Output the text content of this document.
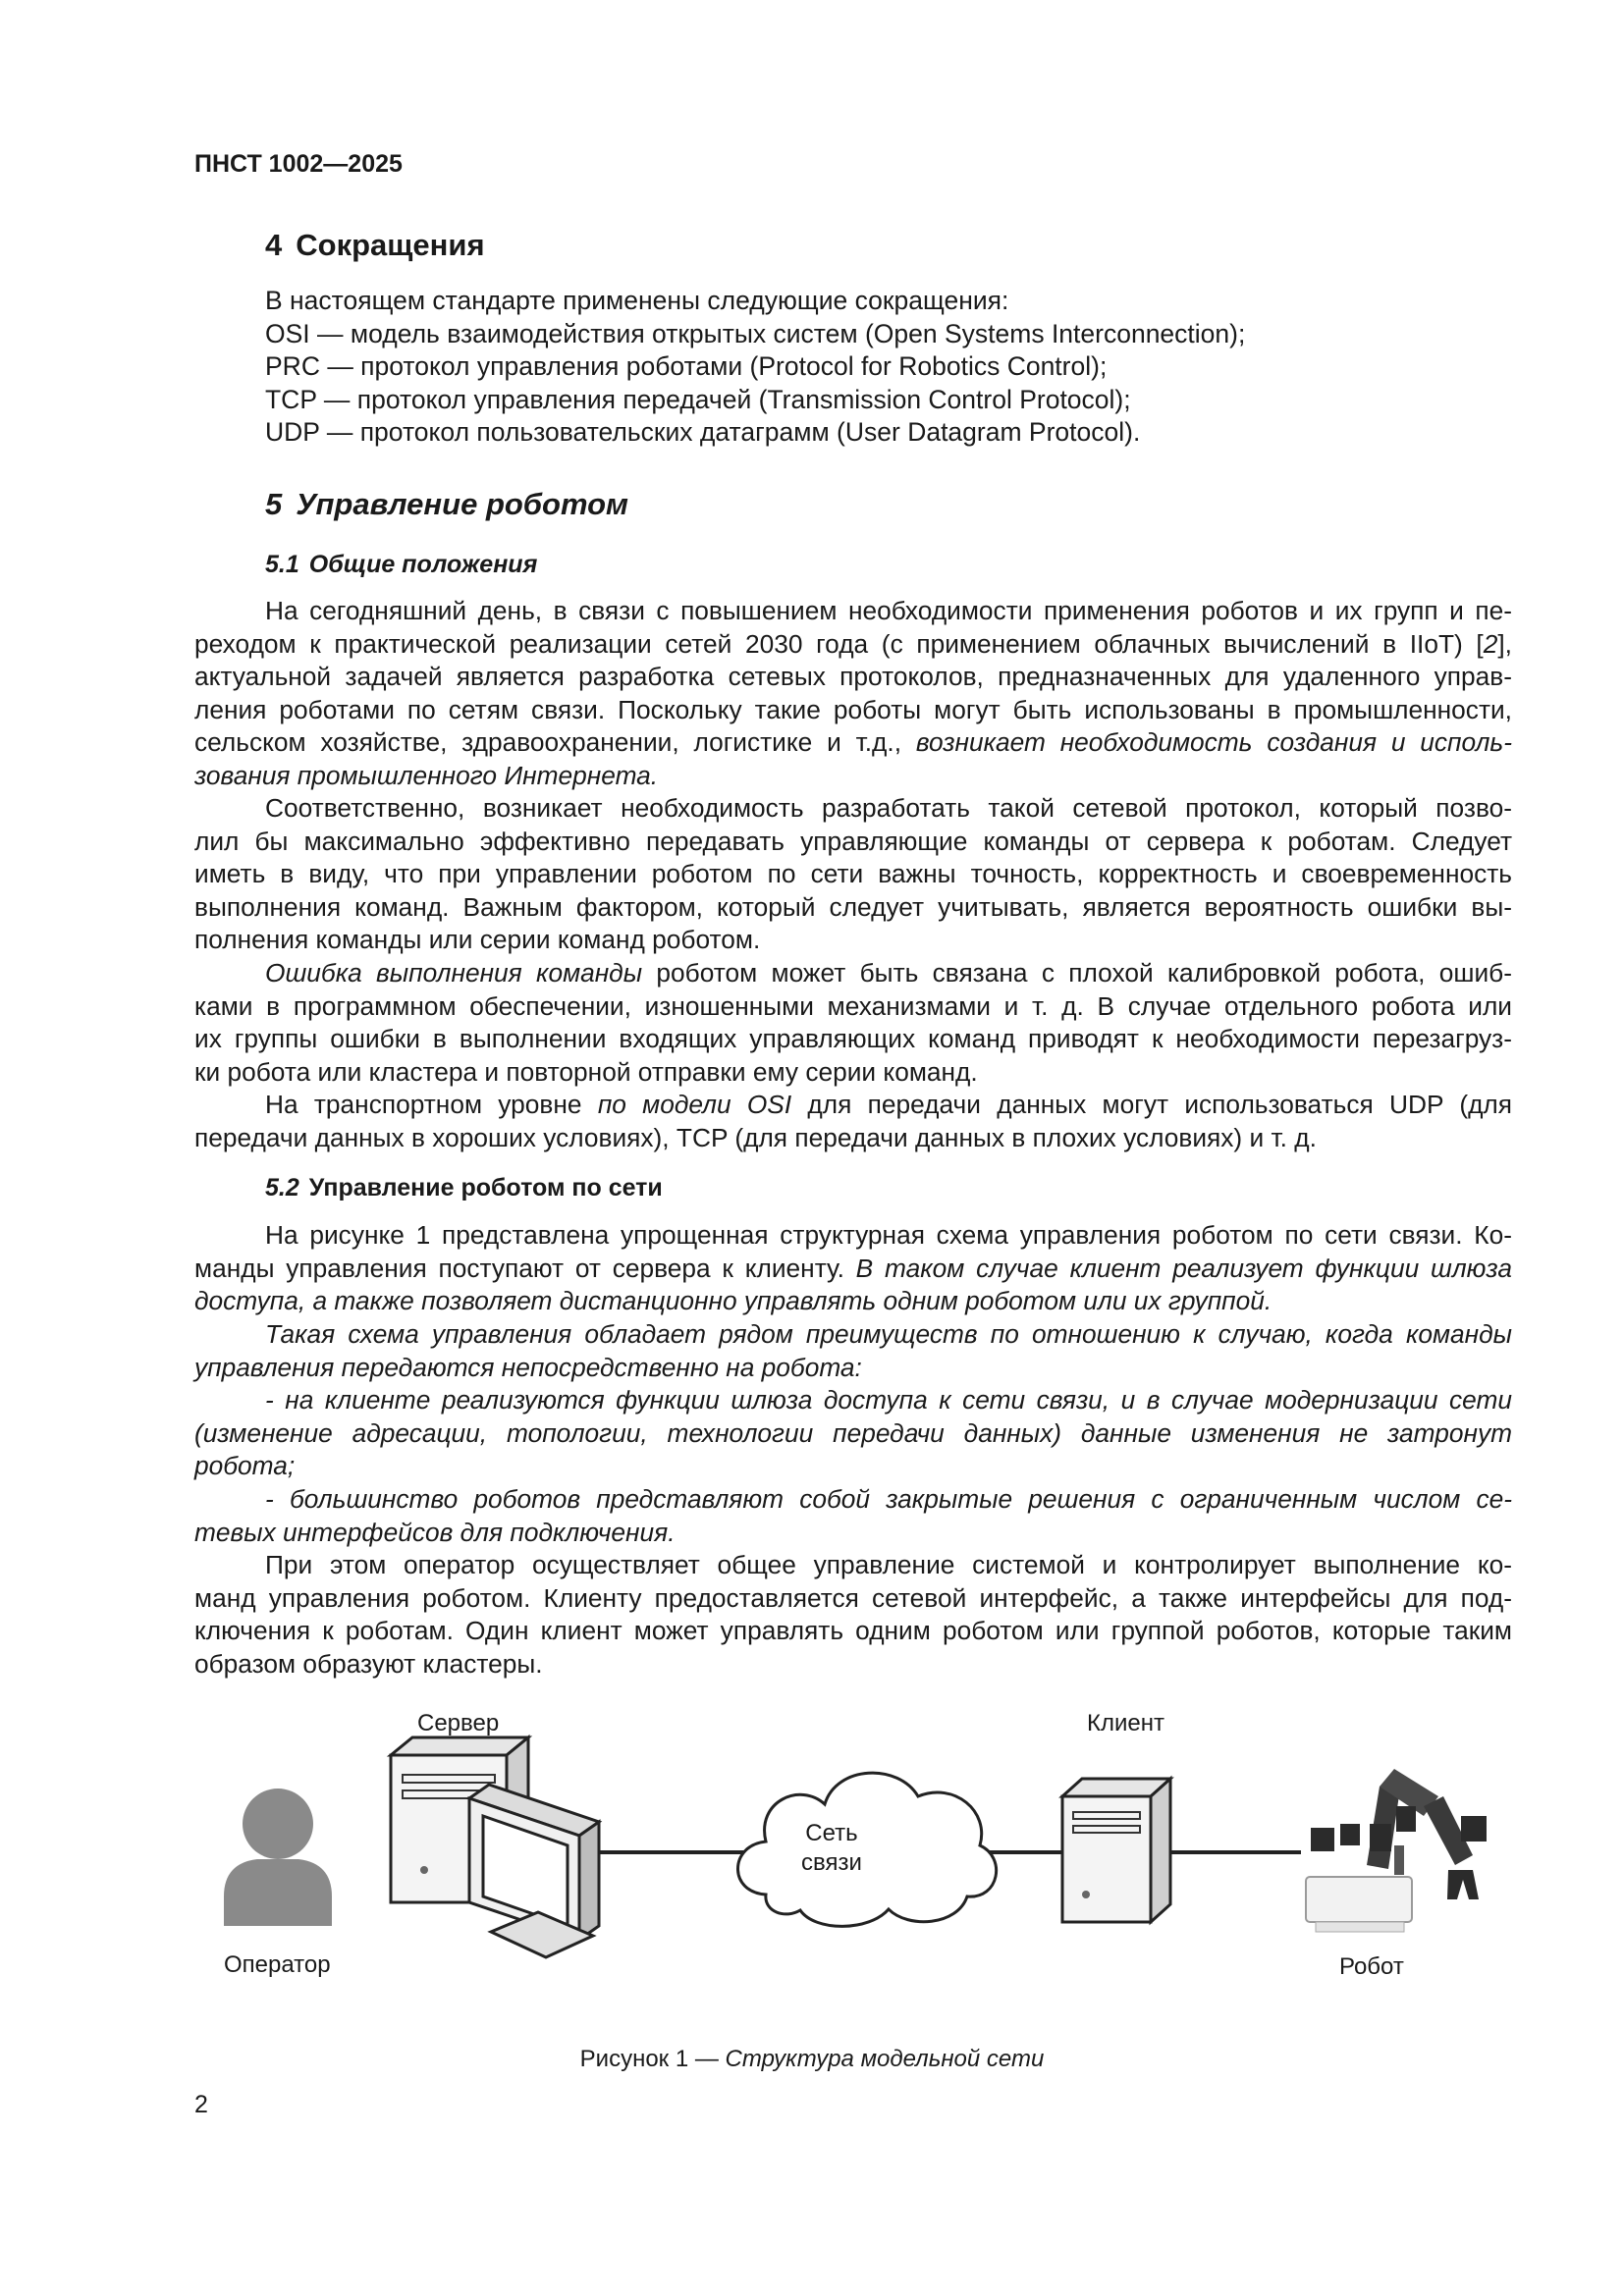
ПНСТ 1002—2025
4 Сокращения
В настоящем стандарте применены следующие сокращения:
OSI — модель взаимодействия открытых систем (Open Systems Interconnection);
PRC — протокол управления роботами (Protocol for Robotics Control);
TCP — протокол управления передачей (Transmission Control Protocol);
UDP — протокол пользовательских датаграмм (User Datagram Protocol).
5 Управление роботом
5.1 Общие положения
На сегодняшний день, в связи с повышением необходимости применения роботов и их групп и пе-
реходом к практической реализации сетей 2030 года (с применением облачных вычислений в IIoT) [2],
актуальной задачей является разработка сетевых протоколов, предназначенных для удаленного управ-
ления роботами по сетям связи. Поскольку такие роботы могут быть использованы в промышленности,
сельском хозяйстве, здравоохранении, логистике и т.д., возникает необходимость создания и исполь-
зования промышленного Интернета.
Соответственно, возникает необходимость разработать такой сетевой протокол, который позво-
лил бы максимально эффективно передавать управляющие команды от сервера к роботам. Следует
иметь в виду, что при управлении роботом по сети важны точность, корректность и своевременность
выполнения команд. Важным фактором, который следует учитывать, является вероятность ошибки вы-
полнения команды или серии команд роботом.
Ошибка выполнения команды роботом может быть связана с плохой калибровкой робота, ошиб-
ками в программном обеспечении, изношенными механизмами и т. д. В случае отдельного робота или
их группы ошибки в выполнении входящих управляющих команд приводят к необходимости перезагруз-
ки робота или кластера и повторной отправки ему серии команд.
На транспортном уровне по модели OSI для передачи данных могут использоваться UDP (для
передачи данных в хороших условиях), TCP (для передачи данных в плохих условиях) и т. д.
5.2 Управление роботом по сети
На рисунке 1 представлена упрощенная структурная схема управления роботом по сети связи. Ко-
манды управления поступают от сервера к клиенту. В таком случае клиент реализует функции шлюза
доступа, а также позволяет дистанционно управлять одним роботом или их группой.
Такая схема управления обладает рядом преимуществ по отношению к случаю, когда команды
управления передаются непосредственно на робота:
- на клиенте реализуются функции шлюза доступа к сети связи, и в случае модернизации сети
(изменение адресации, топологии, технологии передачи данных) данные изменения не затронут
робота;
- большинство роботов представляют собой закрытые решения с ограниченным числом се-
тевых интерфейсов для подключения.
При этом оператор осуществляет общее управление системой и контролирует выполнение ко-
манд управления роботом. Клиенту предоставляется сетевой интерфейс, а также интерфейсы для под-
ключения к роботам. Один клиент может управлять одним роботом или группой роботов, которые таким
образом образуют кластеры.
Сервер	Клиент
Оператор	Робот
Сеть
связи
Рисунок 1 — Структура модельной сети
2
